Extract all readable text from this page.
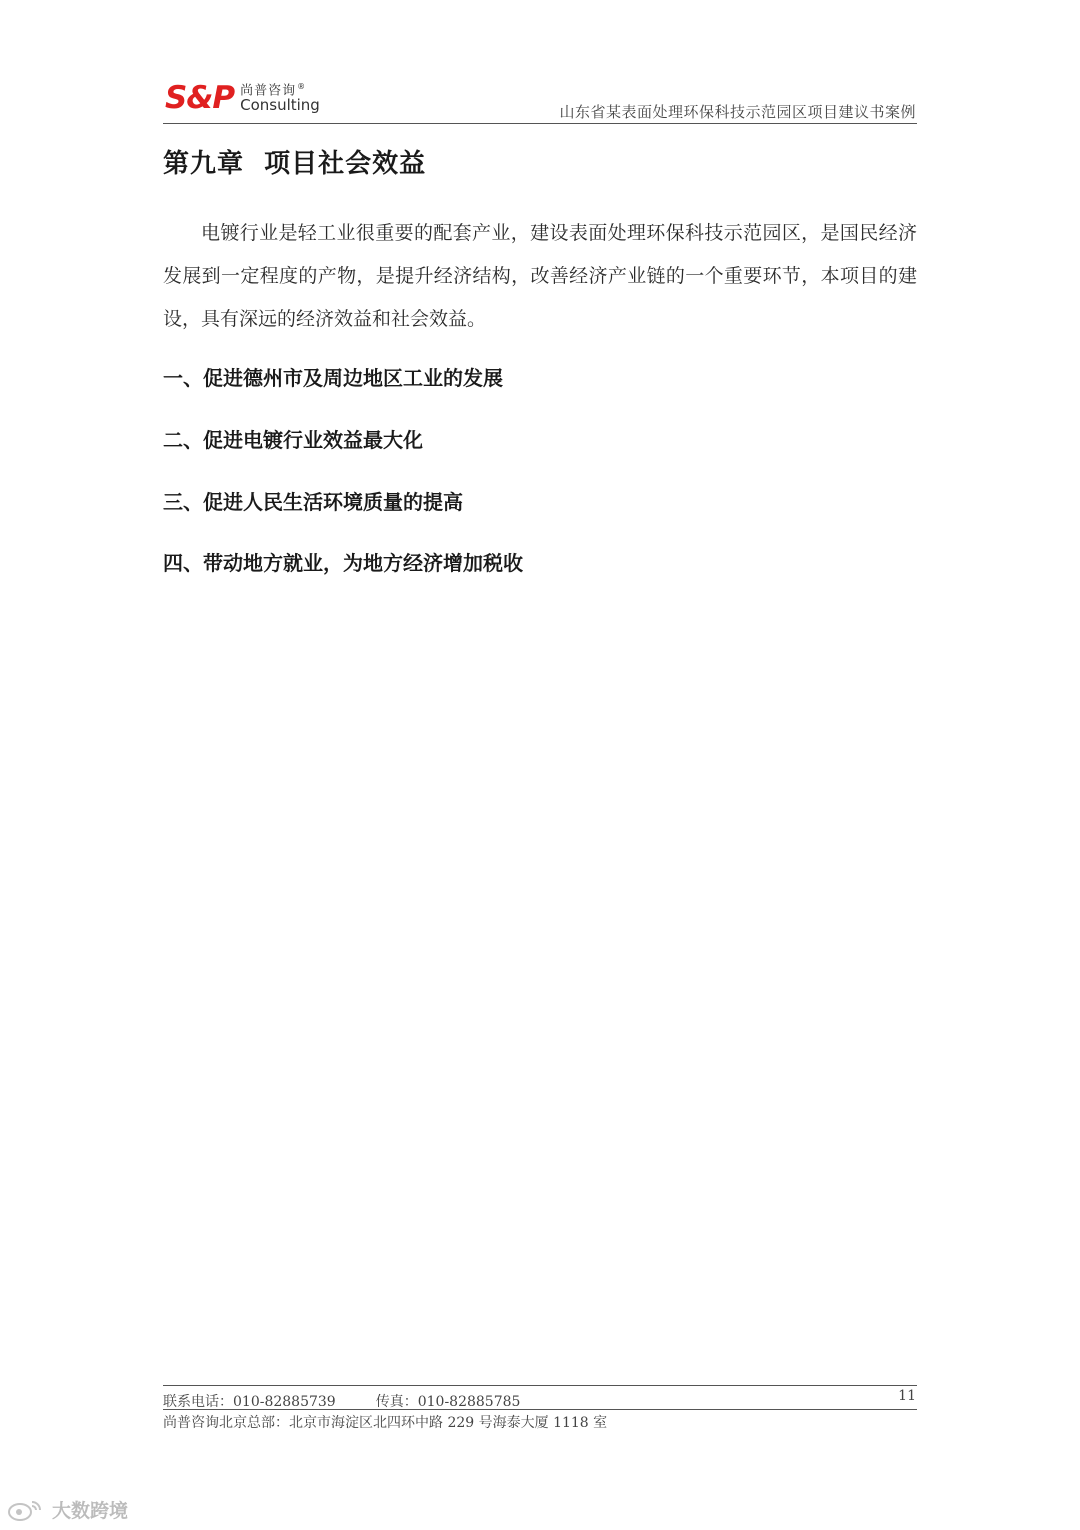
S&P 尚普咨询®
Consulting	山东省某表面处理环保科技示范园区项目建议书案例
第九章  项目社会效益

电镀行业是轻工业很重要的配套产业，建设表面处理环保科技示范园区，是国民经济发展到一定程度的产物，是提升经济结构，改善经济产业链的一个重要环节，本项目的建设，具有深远的经济效益和社会效益。

一、促进德州市及周边地区工业的发展
二、促进电镀行业效益最大化
三、促进人民生活环境质量的提高
四、带动地方就业，为地方经济增加税收
联系电话：010-82885739	传真：010-82885785	11
尚普咨询北京总部：北京市海淀区北四环中路 229 号海泰大厦 1118 室
大数跨境
